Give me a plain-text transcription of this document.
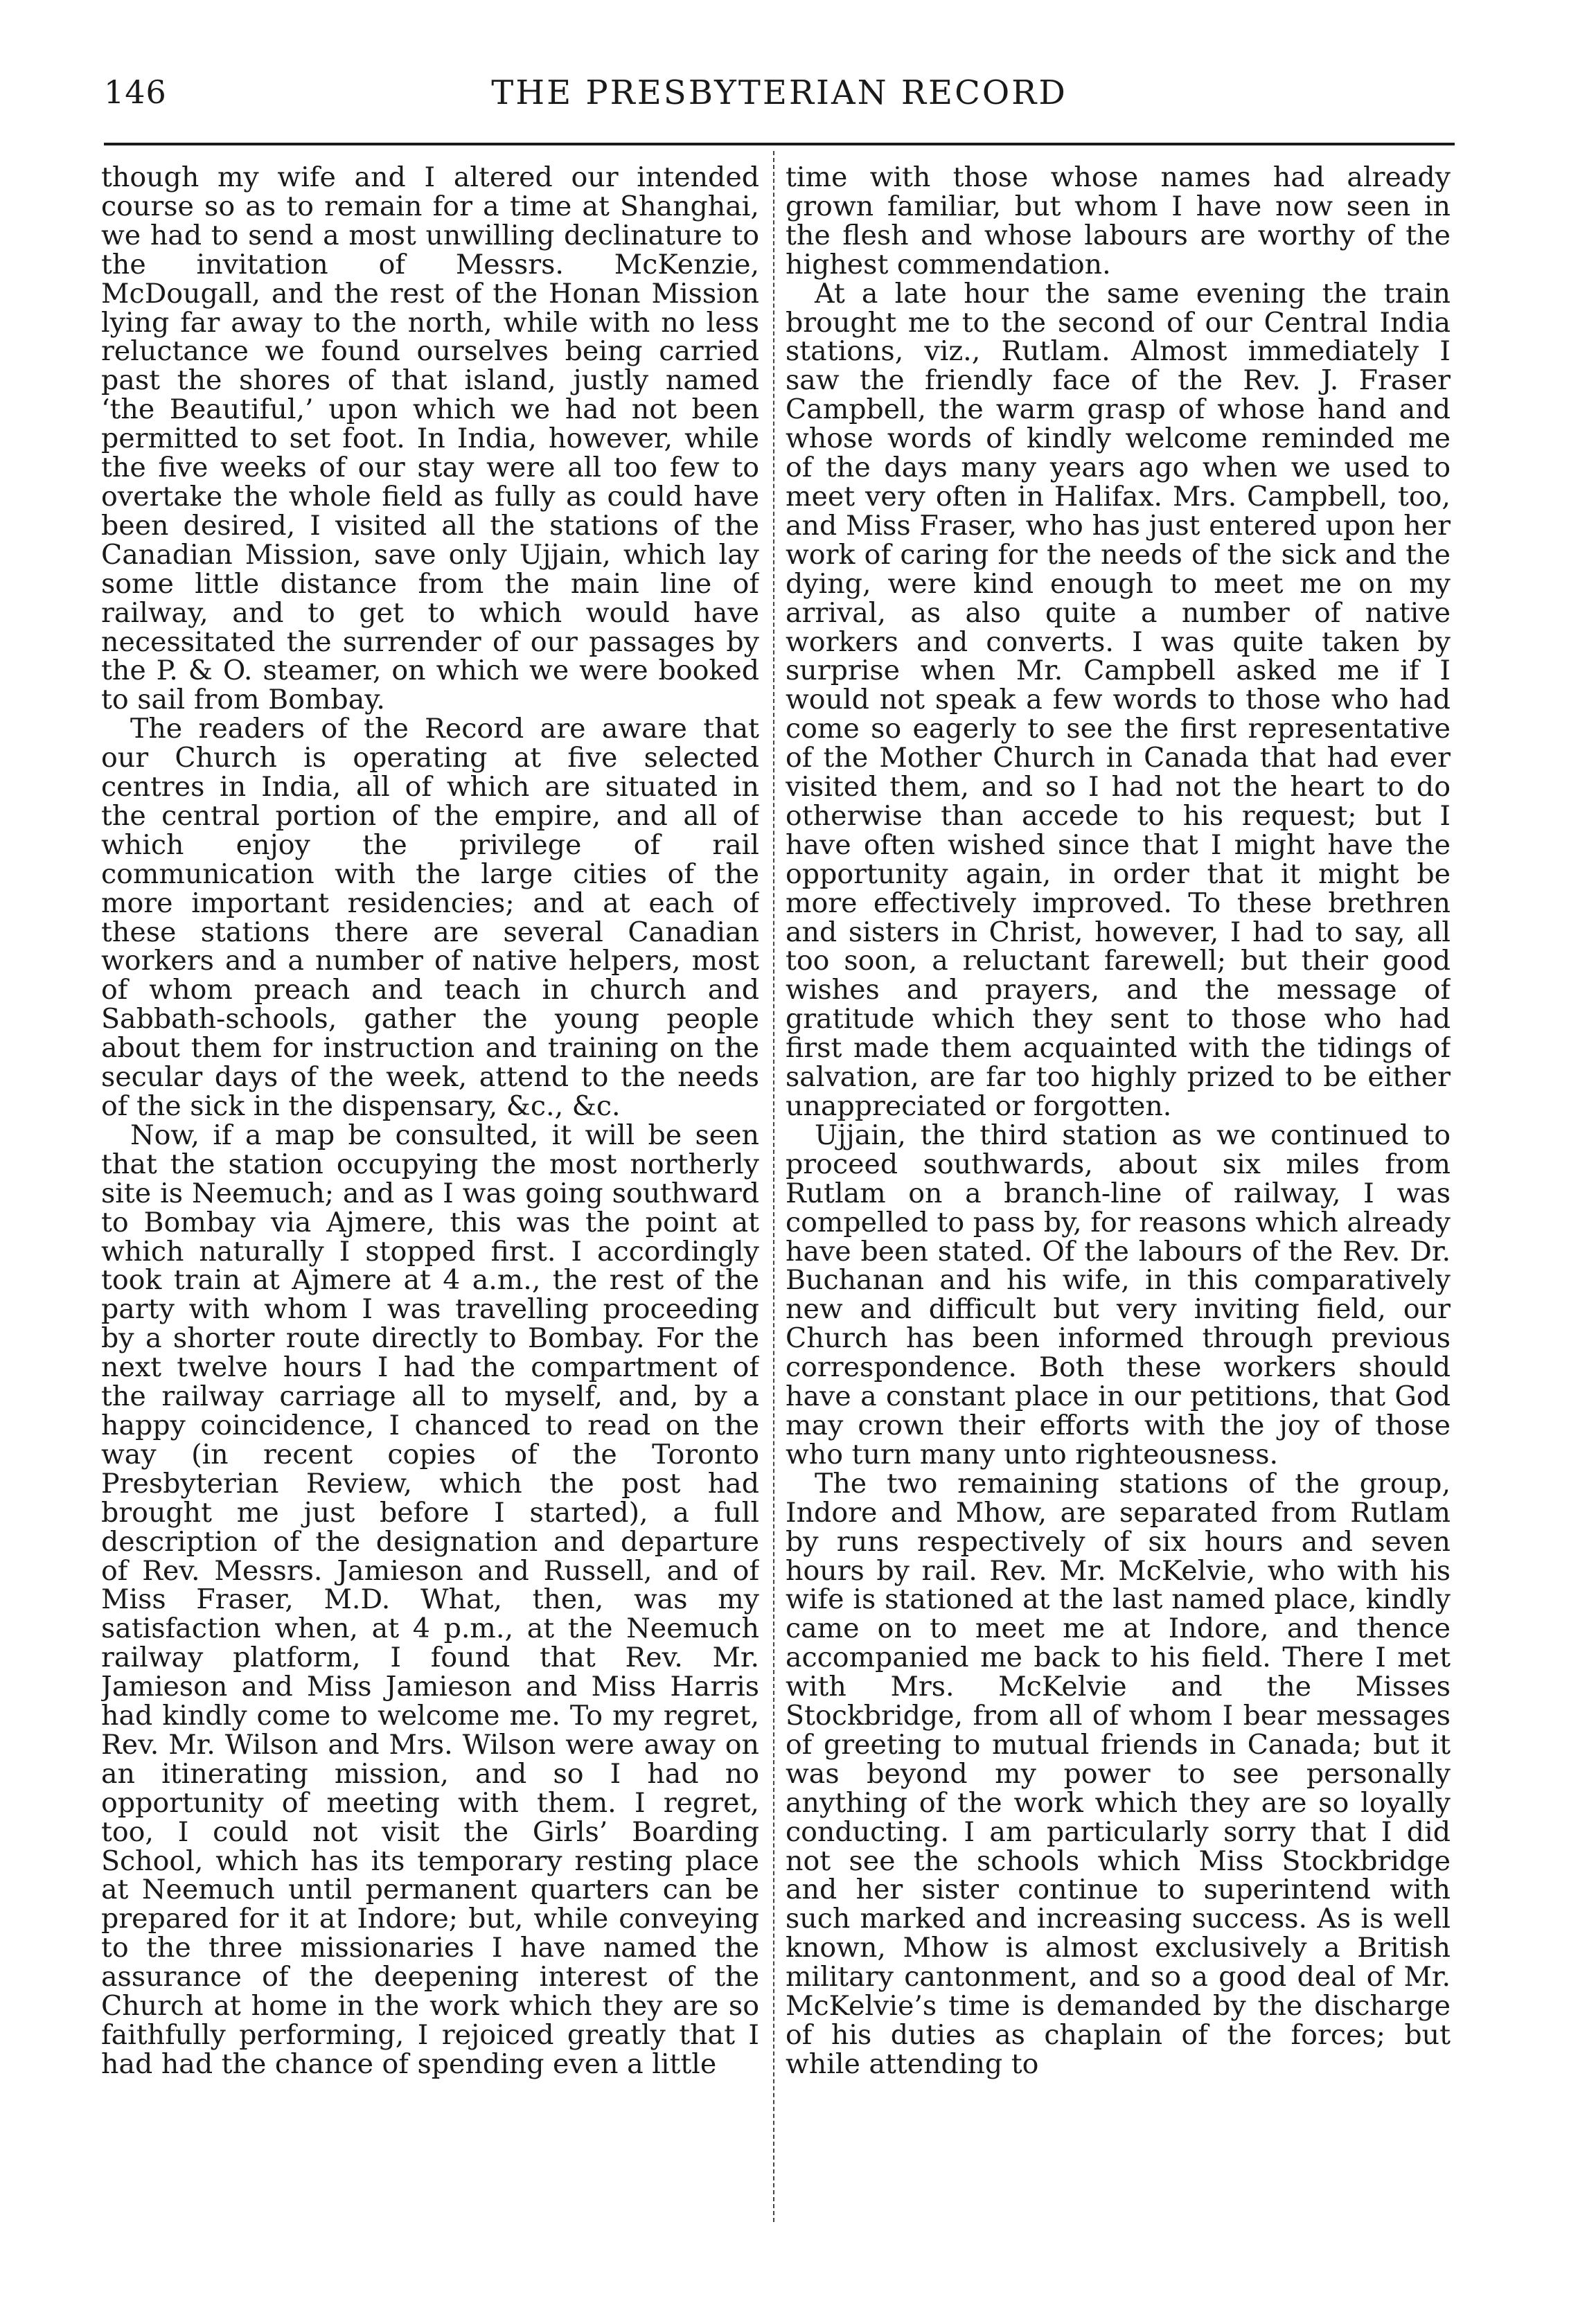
146	THE PRESBYTERIAN RECORD

though my wife and I altered our intended course so as to remain for a time at Shanghai, we had to send a most unwilling declinature to the invitation of Messrs. McKenzie, McDougall, and the rest of the Honan Mission lying far away to the north, while with no less reluctance we found ourselves being carried past the shores of that island, justly named ‘the Beautiful,’ upon which we had not been permitted to set foot. In India, however, while the five weeks of our stay were all too few to overtake the whole field as fully as could have been desired, I visited all the stations of the Canadian Mission, save only Ujjain, which lay some little distance from the main line of railway, and to get to which would have necessitated the surrender of our passages by the P. & O. steamer, on which we were booked to sail from Bombay.

The readers of the Record are aware that our Church is operating at five selected centres in India, all of which are situated in the central portion of the empire, and all of which enjoy the privilege of rail communication with the large cities of the more important residencies; and at each of these stations there are several Canadian workers and a number of native helpers, most of whom preach and teach in church and Sabbath-schools, gather the young people about them for instruction and training on the secular days of the week, attend to the needs of the sick in the dispensary, &c., &c.

Now, if a map be consulted, it will be seen that the station occupying the most northerly site is Neemuch; and as I was going southward to Bombay via Ajmere, this was the point at which naturally I stopped first. I accordingly took train at Ajmere at 4 a.m., the rest of the party with whom I was travelling proceeding by a shorter route directly to Bombay. For the next twelve hours I had the compartment of the railway carriage all to myself, and, by a happy coincidence, I chanced to read on the way (in recent copies of the Toronto Presbyterian Review, which the post had brought me just before I started), a full description of the designation and departure of Rev. Messrs. Jamieson and Russell, and of Miss Fraser, M.D. What, then, was my satisfaction when, at 4 p.m., at the Neemuch railway platform, I found that Rev. Mr. Jamieson and Miss Jamieson and Miss Harris had kindly come to welcome me. To my regret, Rev. Mr. Wilson and Mrs. Wilson were away on an itinerating mission, and so I had no opportunity of meeting with them. I regret, too, I could not visit the Girls’ Boarding School, which has its temporary resting place at Neemuch until permanent quarters can be prepared for it at Indore; but, while conveying to the three missionaries I have named the assurance of the deepening interest of the Church at home in the work which they are so faithfully performing, I rejoiced greatly that I had had the chance of spending even a little

time with those whose names had already grown familiar, but whom I have now seen in the flesh and whose labours are worthy of the highest commendation.

At a late hour the same evening the train brought me to the second of our Central India stations, viz., Rutlam. Almost immediately I saw the friendly face of the Rev. J. Fraser Campbell, the warm grasp of whose hand and whose words of kindly welcome reminded me of the days many years ago when we used to meet very often in Halifax. Mrs. Campbell, too, and Miss Fraser, who has just entered upon her work of caring for the needs of the sick and the dying, were kind enough to meet me on my arrival, as also quite a number of native workers and converts. I was quite taken by surprise when Mr. Campbell asked me if I would not speak a few words to those who had come so eagerly to see the first representative of the Mother Church in Canada that had ever visited them, and so I had not the heart to do otherwise than accede to his request; but I have often wished since that I might have the opportunity again, in order that it might be more effectively improved. To these brethren and sisters in Christ, however, I had to say, all too soon, a reluctant farewell; but their good wishes and prayers, and the message of gratitude which they sent to those who had first made them acquainted with the tidings of salvation, are far too highly prized to be either unappreciated or forgotten.

Ujjain, the third station as we continued to proceed southwards, about six miles from Rutlam on a branch-line of railway, I was compelled to pass by, for reasons which already have been stated. Of the labours of the Rev. Dr. Buchanan and his wife, in this comparatively new and difficult but very inviting field, our Church has been informed through previous correspondence. Both these workers should have a constant place in our petitions, that God may crown their efforts with the joy of those who turn many unto righteousness.

The two remaining stations of the group, Indore and Mhow, are separated from Rutlam by runs respectively of six hours and seven hours by rail. Rev. Mr. McKelvie, who with his wife is stationed at the last named place, kindly came on to meet me at Indore, and thence accompanied me back to his field. There I met with Mrs. McKelvie and the Misses Stockbridge, from all of whom I bear messages of greeting to mutual friends in Canada; but it was beyond my power to see personally anything of the work which they are so loyally conducting. I am particularly sorry that I did not see the schools which Miss Stockbridge and her sister continue to superintend with such marked and increasing success. As is well known, Mhow is almost exclusively a British military cantonment, and so a good deal of Mr. McKelvie’s time is demanded by the discharge of his duties as chaplain of the forces; but while attending to
